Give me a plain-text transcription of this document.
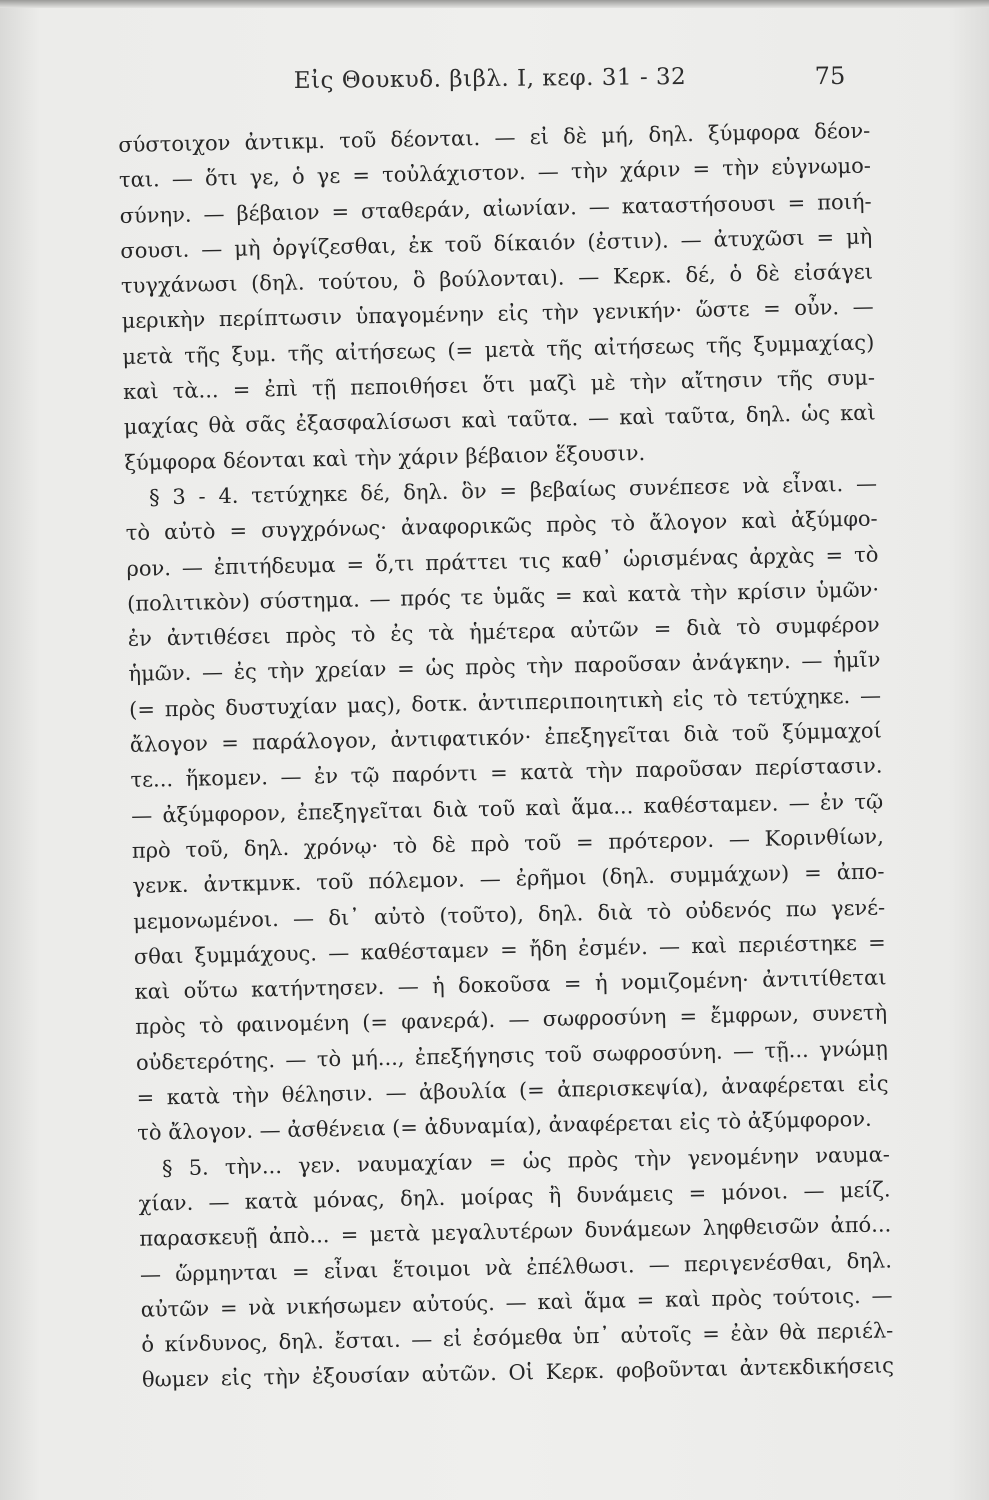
Εἰς Θουκυδ. βιβλ. I, κεφ. 31 - 32	75
σύστοιχον ἀντικμ. τοῦ δέονται. — εἰ δὲ μή, δηλ. ξύμφορα δέον-
ται. — ὅτι γε, ὁ γε = τοὐλάχιστον. — τὴν χάριν = τὴν εὐγνωμο-
σύνην. — βέβαιον = σταθεράν, αἰωνίαν. — καταστήσουσι = ποιή-
σουσι. — μὴ ὀργίζεσθαι, ἐκ τοῦ δίκαιόν (ἐστιν). — ἀτυχῶσι = μὴ
τυγχάνωσι (δηλ. τούτου, ὃ βούλονται). — Κερκ. δέ, ὁ δὲ εἰσάγει
μερικὴν περίπτωσιν ὑπαγομένην εἰς τὴν γενικήν· ὥστε = οὖν. —
μετὰ τῆς ξυμ. τῆς αἰτήσεως (= μετὰ τῆς αἰτήσεως τῆς ξυμμαχίας)
καὶ τὰ... = ἐπὶ τῇ πεποιθήσει ὅτι μαζὶ μὲ τὴν αἴτησιν τῆς συμ-
μαχίας θὰ σᾶς ἐξασφαλίσωσι καὶ ταῦτα. — καὶ ταῦτα, δηλ. ὡς καὶ
ξύμφορα δέονται καὶ τὴν χάριν βέβαιον ἕξουσιν.
§ 3 - 4. τετύχηκε δέ, δηλ. ὃν = βεβαίως συνέπεσε νὰ εἶναι. —
τὸ αὐτὸ = συγχρόνως· ἀναφορικῶς πρὸς τὸ ἄλογον καὶ ἀξύμφο-
ρον. — ἐπιτήδευμα = ὅ,τι πράττει τις καθ᾽ ὡρισμένας ἀρχὰς = τὸ
(πολιτικὸν) σύστημα. — πρός τε ὑμᾶς = καὶ κατὰ τὴν κρίσιν ὑμῶν·
ἐν ἀντιθέσει πρὸς τὸ ἐς τὰ ἡμέτερα αὐτῶν = διὰ τὸ συμφέρον
ἡμῶν. — ἐς τὴν χρείαν = ὡς πρὸς τὴν παροῦσαν ἀνάγκην. — ἡμῖν
(= πρὸς δυστυχίαν μας), δοτκ. ἀντιπεριποιητικὴ εἰς τὸ τετύχηκε. —
ἄλογον = παράλογον, ἀντιφατικόν· ἐπεξηγεῖται διὰ τοῦ ξύμμαχοί
τε... ἥκομεν. — ἐν τῷ παρόντι = κατὰ τὴν παροῦσαν περίστασιν.
— ἀξύμφορον, ἐπεξηγεῖται διὰ τοῦ καὶ ἅμα... καθέσταμεν. — ἐν τῷ
πρὸ τοῦ, δηλ. χρόνῳ· τὸ δὲ πρὸ τοῦ = πρότερον. — Κορινθίων,
γενκ. ἀντκμνκ. τοῦ πόλεμον. — ἐρῆμοι (δηλ. συμμάχων) = ἀπο-
μεμονωμένοι. — δι᾽ αὐτὸ (τοῦτο), δηλ. διὰ τὸ οὐδενός πω γενέ-
σθαι ξυμμάχους. — καθέσταμεν = ἤδη ἐσμέν. — καὶ περιέστηκε =
καὶ οὕτω κατήντησεν. — ἡ δοκοῦσα = ἡ νομιζομένη· ἀντιτίθεται
πρὸς τὸ φαινομένη (= φανερά). — σωφροσύνη = ἔμφρων, συνετὴ
οὐδετερότης. — τὸ μή..., ἐπεξήγησις τοῦ σωφροσύνη. — τῇ... γνώμῃ
= κατὰ τὴν θέλησιν. — ἀβουλία (= ἀπερισκεψία), ἀναφέρεται εἰς
τὸ ἄλογον. — ἀσθένεια (= ἀδυναμία), ἀναφέρεται εἰς τὸ ἀξύμφορον.
§ 5. τὴν... γεν. ναυμαχίαν = ὡς πρὸς τὴν γενομένην ναυμα-
χίαν. — κατὰ μόνας, δηλ. μοίρας ἢ δυνάμεις = μόνοι. — μείζ.
παρασκευῇ ἀπὸ... = μετὰ μεγαλυτέρων δυνάμεων ληφθεισῶν ἀπό...
— ὥρμηνται = εἶναι ἕτοιμοι νὰ ἐπέλθωσι. — περιγενέσθαι, δηλ.
αὐτῶν = νὰ νικήσωμεν αὐτούς. — καὶ ἅμα = καὶ πρὸς τούτοις. —
ὁ κίνδυνος, δηλ. ἔσται. — εἰ ἐσόμεθα ὑπ᾽ αὐτοῖς = ἐὰν θὰ περιέλ-
θωμεν εἰς τὴν ἐξουσίαν αὐτῶν. Οἱ Κερκ. φοβοῦνται ἀντεκδικήσεις
